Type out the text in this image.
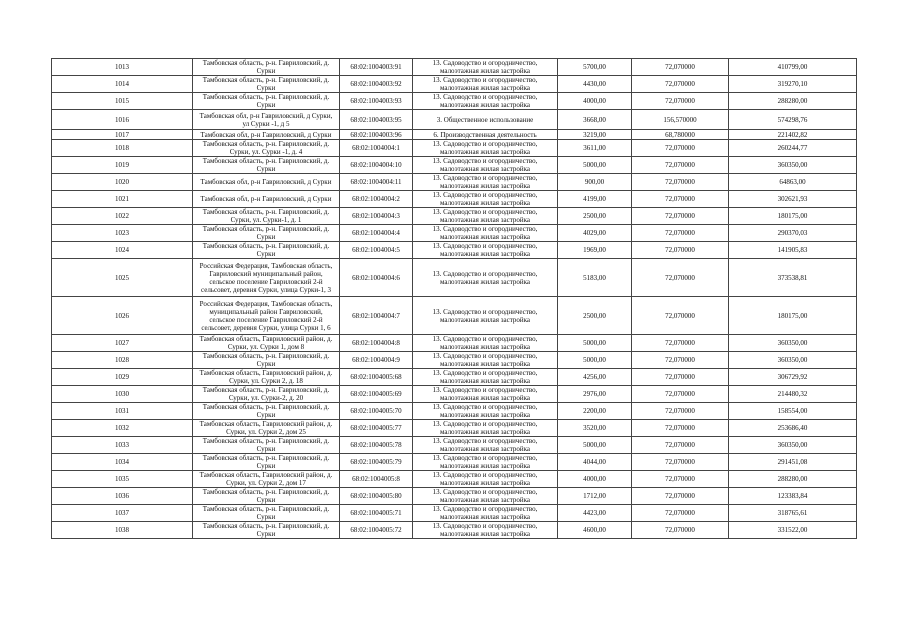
1013	Тамбовская область, р-н. Гавриловский, д. Сурки	68:02:1004003:91	13. Садоводство и огородничество, малоэтажная жилая застройка	5700,00	72,070000	410799,00
1014	Тамбовская область, р-н. Гавриловский, д. Сурки	68:02:1004003:92	13. Садоводство и огородничество, малоэтажная жилая застройка	4430,00	72,070000	319270,10
1015	Тамбовская область, р-н. Гавриловский, д. Сурки	68:02:1004003:93	13. Садоводство и огородничество, малоэтажная жилая застройка	4000,00	72,070000	288280,00
1016	Тамбовская обл, р-н Гавриловский, д Сурки, ул Сурки -1, д 5	68:02:1004003:95	3. Общественное использование	3668,00	156,570000	574298,76
1017	Тамбовская обл, р-н Гавриловский, д Сурки	68:02:1004003:96	6. Производственная деятельность	3219,00	68,780000	221402,82
1018	Тамбовская область, р-н. Гавриловский, д. Сурки, ул. Сурки -1, д. 4	68:02:1004004:1	13. Садоводство и огородничество, малоэтажная жилая застройка	3611,00	72,070000	260244,77
1019	Тамбовская область, р-н. Гавриловский, д. Сурки	68:02:1004004:10	13. Садоводство и огородничество, малоэтажная жилая застройка	5000,00	72,070000	360350,00
1020	Тамбовская обл, р-н Гавриловский, д Сурки	68:02:1004004:11	13. Садоводство и огородничество, малоэтажная жилая застройка	900,00	72,070000	64863,00
1021	Тамбовская обл, р-н Гавриловский, д Сурки	68:02:1004004:2	13. Садоводство и огородничество, малоэтажная жилая застройка	4199,00	72,070000	302621,93
1022	Тамбовская область, р-н. Гавриловский, д. Сурки, ул. Сурки-1, д. 1	68:02:1004004:3	13. Садоводство и огородничество, малоэтажная жилая застройка	2500,00	72,070000	180175,00
1023	Тамбовская область, р-н. Гавриловский, д. Сурки	68:02:1004004:4	13. Садоводство и огородничество, малоэтажная жилая застройка	4029,00	72,070000	290370,03
1024	Тамбовская область, р-н. Гавриловский, д. Сурки	68:02:1004004:5	13. Садоводство и огородничество, малоэтажная жилая застройка	1969,00	72,070000	141905,83
1025	Российская Федерация, Тамбовская область, Гавриловский муниципальный район, сельское поселение Гавриловский 2-й сельсовет, деревня Сурки, улица Сурки-1, 3	68:02:1004004:6	13. Садоводство и огородничество, малоэтажная жилая застройка	5183,00	72,070000	373538,81
1026	Российская Федерация, Тамбовская область, муниципальный район Гавриловский, сельское поселение Гавриловский 2-й сельсовет, деревня Сурки, улица Сурки 1, 6	68:02:1004004:7	13. Садоводство и огородничество, малоэтажная жилая застройка	2500,00	72,070000	180175,00
1027	Тамбовская область, Гавриловский район, д. Сурки, ул. Сурки 1, дом 8	68:02:1004004:8	13. Садоводство и огородничество, малоэтажная жилая застройка	5000,00	72,070000	360350,00
1028	Тамбовская область, р-н. Гавриловский, д. Сурки	68:02:1004004:9	13. Садоводство и огородничество, малоэтажная жилая застройка	5000,00	72,070000	360350,00
1029	Тамбовская область, Гавриловский район, д. Сурки, ул. Сурки 2, д. 18	68:02:1004005:68	13. Садоводство и огородничество, малоэтажная жилая застройка	4256,00	72,070000	306729,92
1030	Тамбовская область, р-н. Гавриловский, д. Сурки, ул. Сурки-2, д. 20	68:02:1004005:69	13. Садоводство и огородничество, малоэтажная жилая застройка	2976,00	72,070000	214480,32
1031	Тамбовская область, р-н. Гавриловский, д. Сурки	68:02:1004005:70	13. Садоводство и огородничество, малоэтажная жилая застройка	2200,00	72,070000	158554,00
1032	Тамбовская область, Гавриловский район, д. Сурки, ул. Сурки 2, дом 25	68:02:1004005:77	13. Садоводство и огородничество, малоэтажная жилая застройка	3520,00	72,070000	253686,40
1033	Тамбовская область, р-н. Гавриловский, д. Сурки	68:02:1004005:78	13. Садоводство и огородничество, малоэтажная жилая застройка	5000,00	72,070000	360350,00
1034	Тамбовская область, р-н. Гавриловский, д. Сурки	68:02:1004005:79	13. Садоводство и огородничество, малоэтажная жилая застройка	4044,00	72,070000	291451,08
1035	Тамбовская область, Гавриловский район, д. Сурки, ул. Сурки 2, дом 17	68:02:1004005:8	13. Садоводство и огородничество, малоэтажная жилая застройка	4000,00	72,070000	288280,00
1036	Тамбовская область, р-н. Гавриловский, д. Сурки	68:02:1004005:80	13. Садоводство и огородничество, малоэтажная жилая застройка	1712,00	72,070000	123383,84
1037	Тамбовская область, р-н. Гавриловский, д. Сурки	68:02:1004005:71	13. Садоводство и огородничество, малоэтажная жилая застройка	4423,00	72,070000	318765,61
1038	Тамбовская область, р-н. Гавриловский, д. Сурки	68:02:1004005:72	13. Садоводство и огородничество, малоэтажная жилая застройка	4600,00	72,070000	331522,00
